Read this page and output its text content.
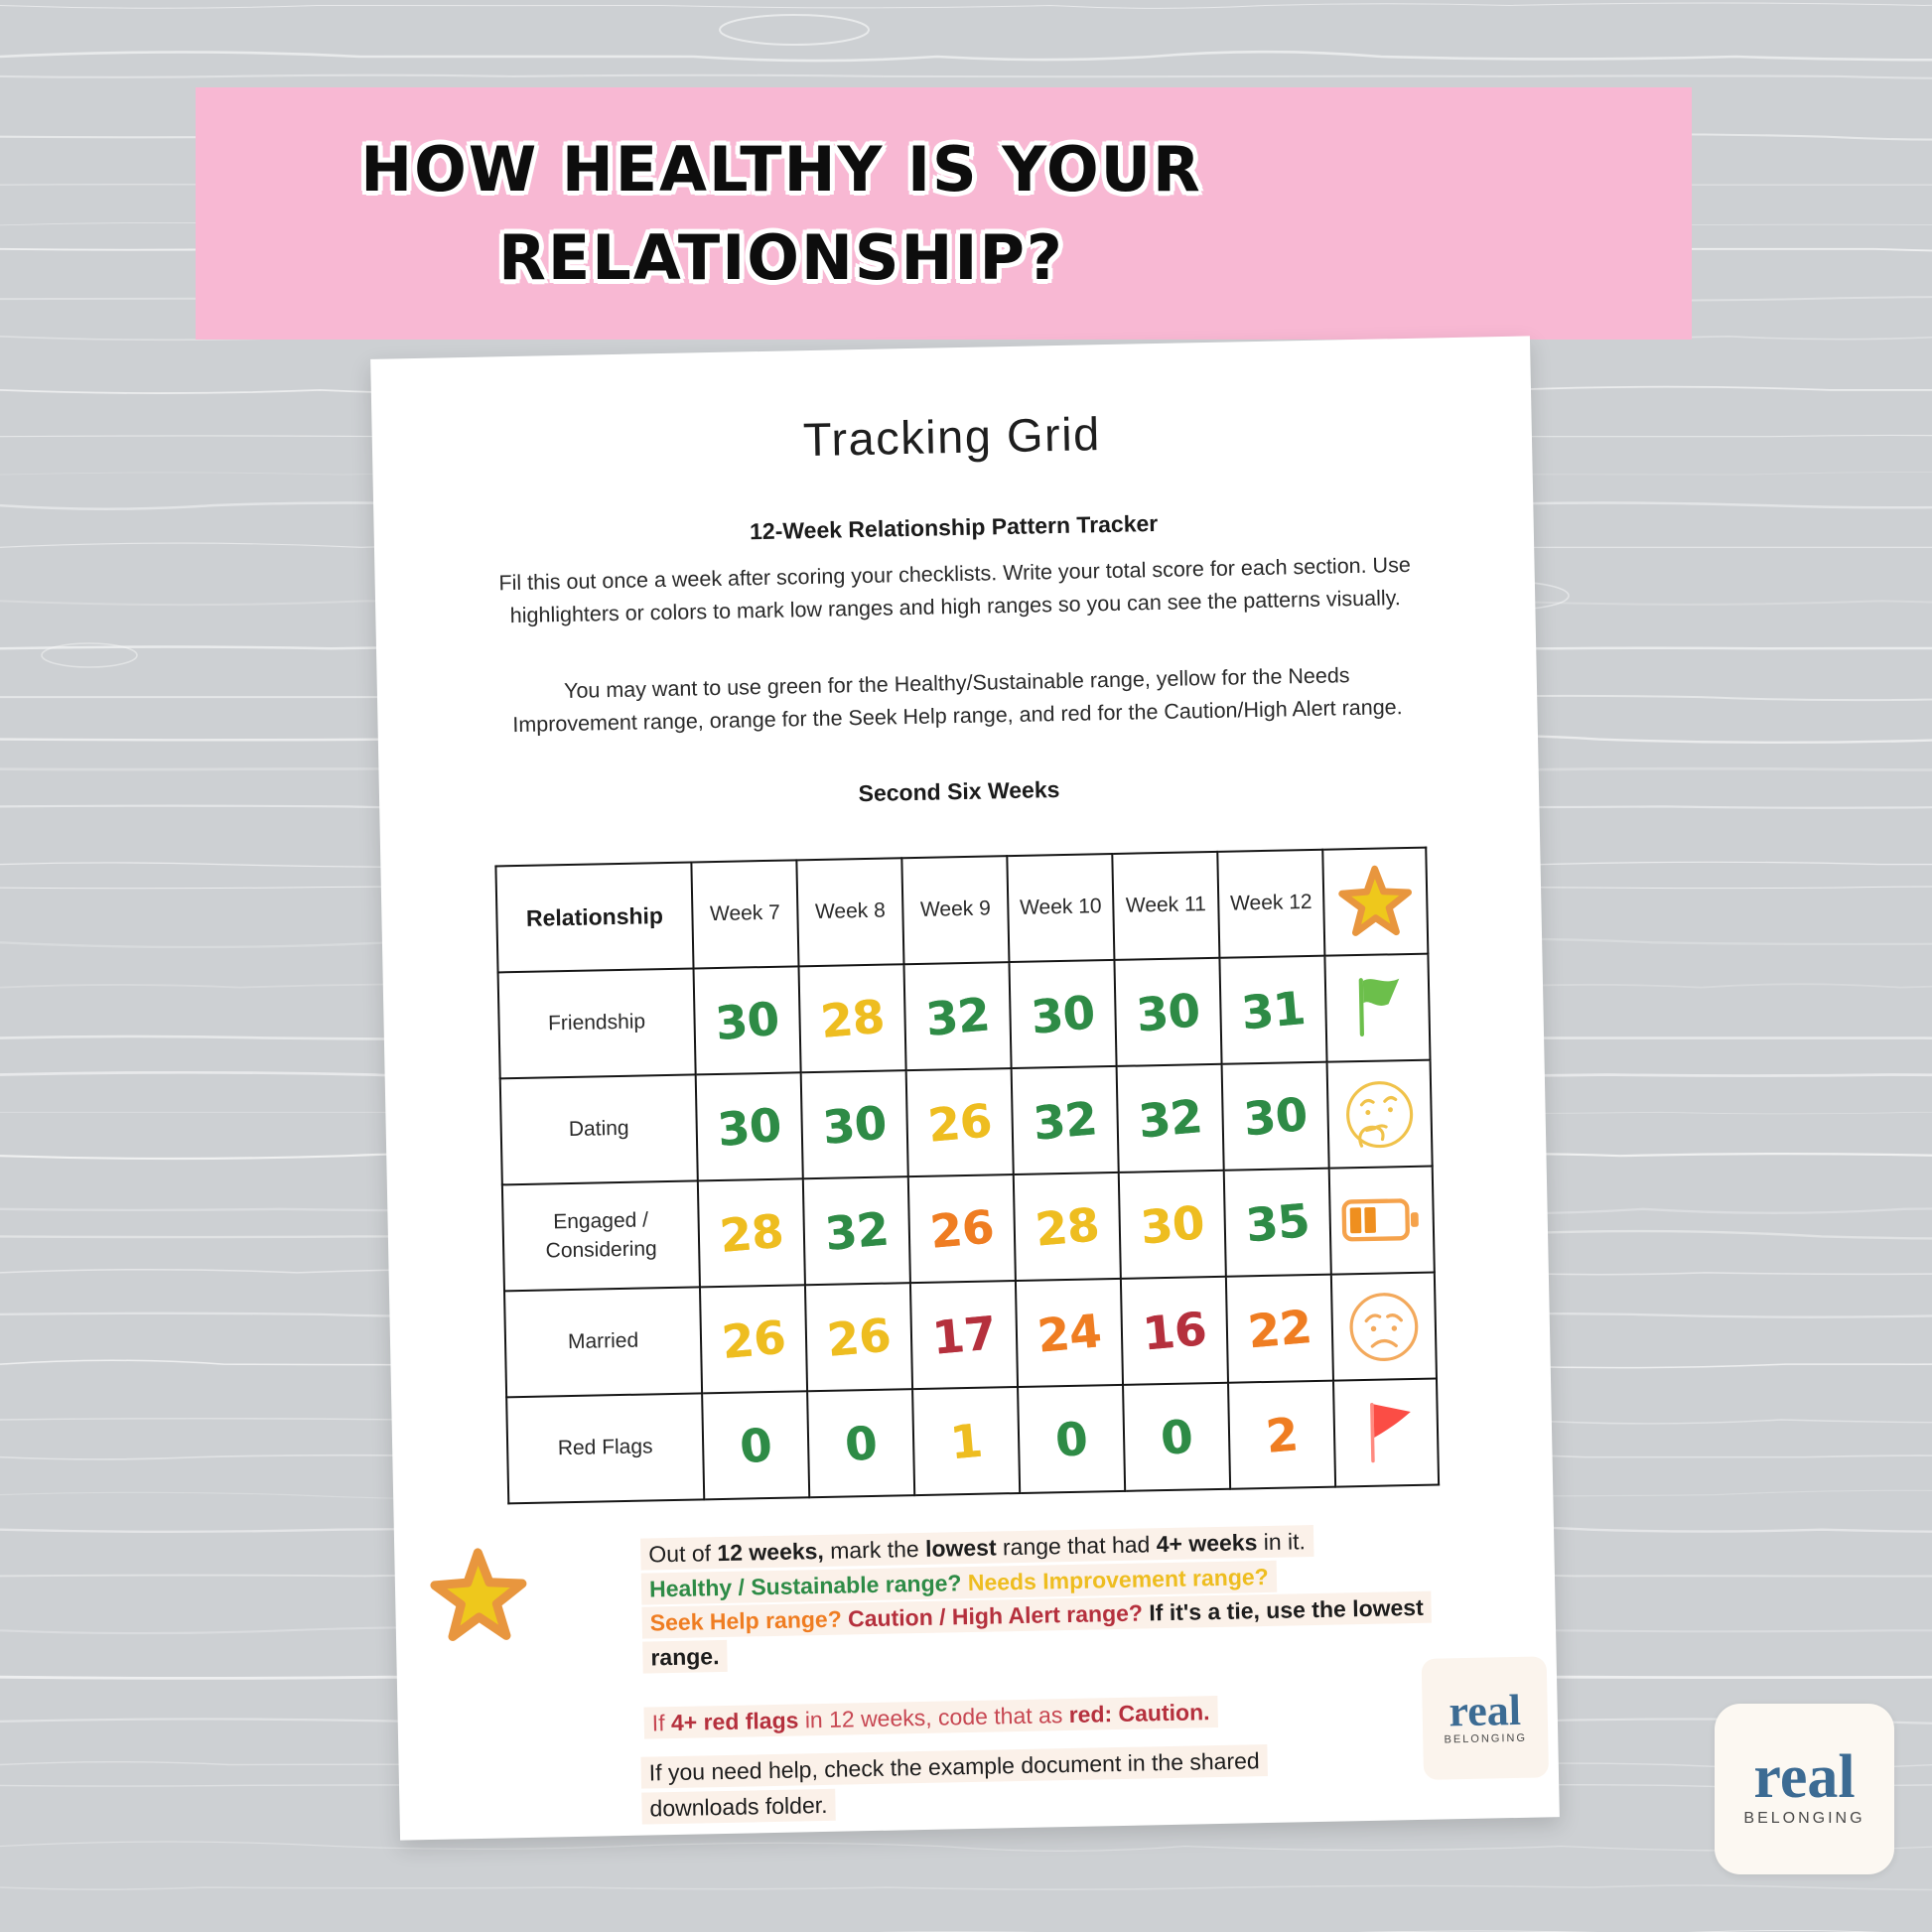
HOW HEALTHY IS YOUR
RELATIONSHIP?
Tracking Grid
12-Week Relationship Pattern Tracker
Fil this out once a week after scoring your checklists. Write your total score for each section. Use highlighters or colors to mark low ranges and high ranges so you can see the patterns visually.
You may want to use green for the Healthy/Sustainable range, yellow for the Needs Improvement range, orange for the Seek Help range, and red for the Caution/High Alert range.
Second Six Weeks
Relationship	Week 7	Week 8	Week 9	Week 10	Week 11	Week 12	

Friendship	30	28	32	30	30	31	

Dating	30	30	26	32	32	30	

Engaged / Considering	28	32	26	28	30	35	

Married	26	26	17	24	16	22	

Red Flags	0	0	1	0	0	2	
Out of 12 weeks, mark the lowest range that had 4+ weeks in it.
Healthy / Sustainable range? Needs Improvement range?
Seek Help range? Caution / High Alert range? If it's a tie, use the lowest range.
If 4+ red flags in 12 weeks, code that as red: Caution.
If you need help, check the example document in the shared downloads folder.
real
BELONGING
real
BELONGING
